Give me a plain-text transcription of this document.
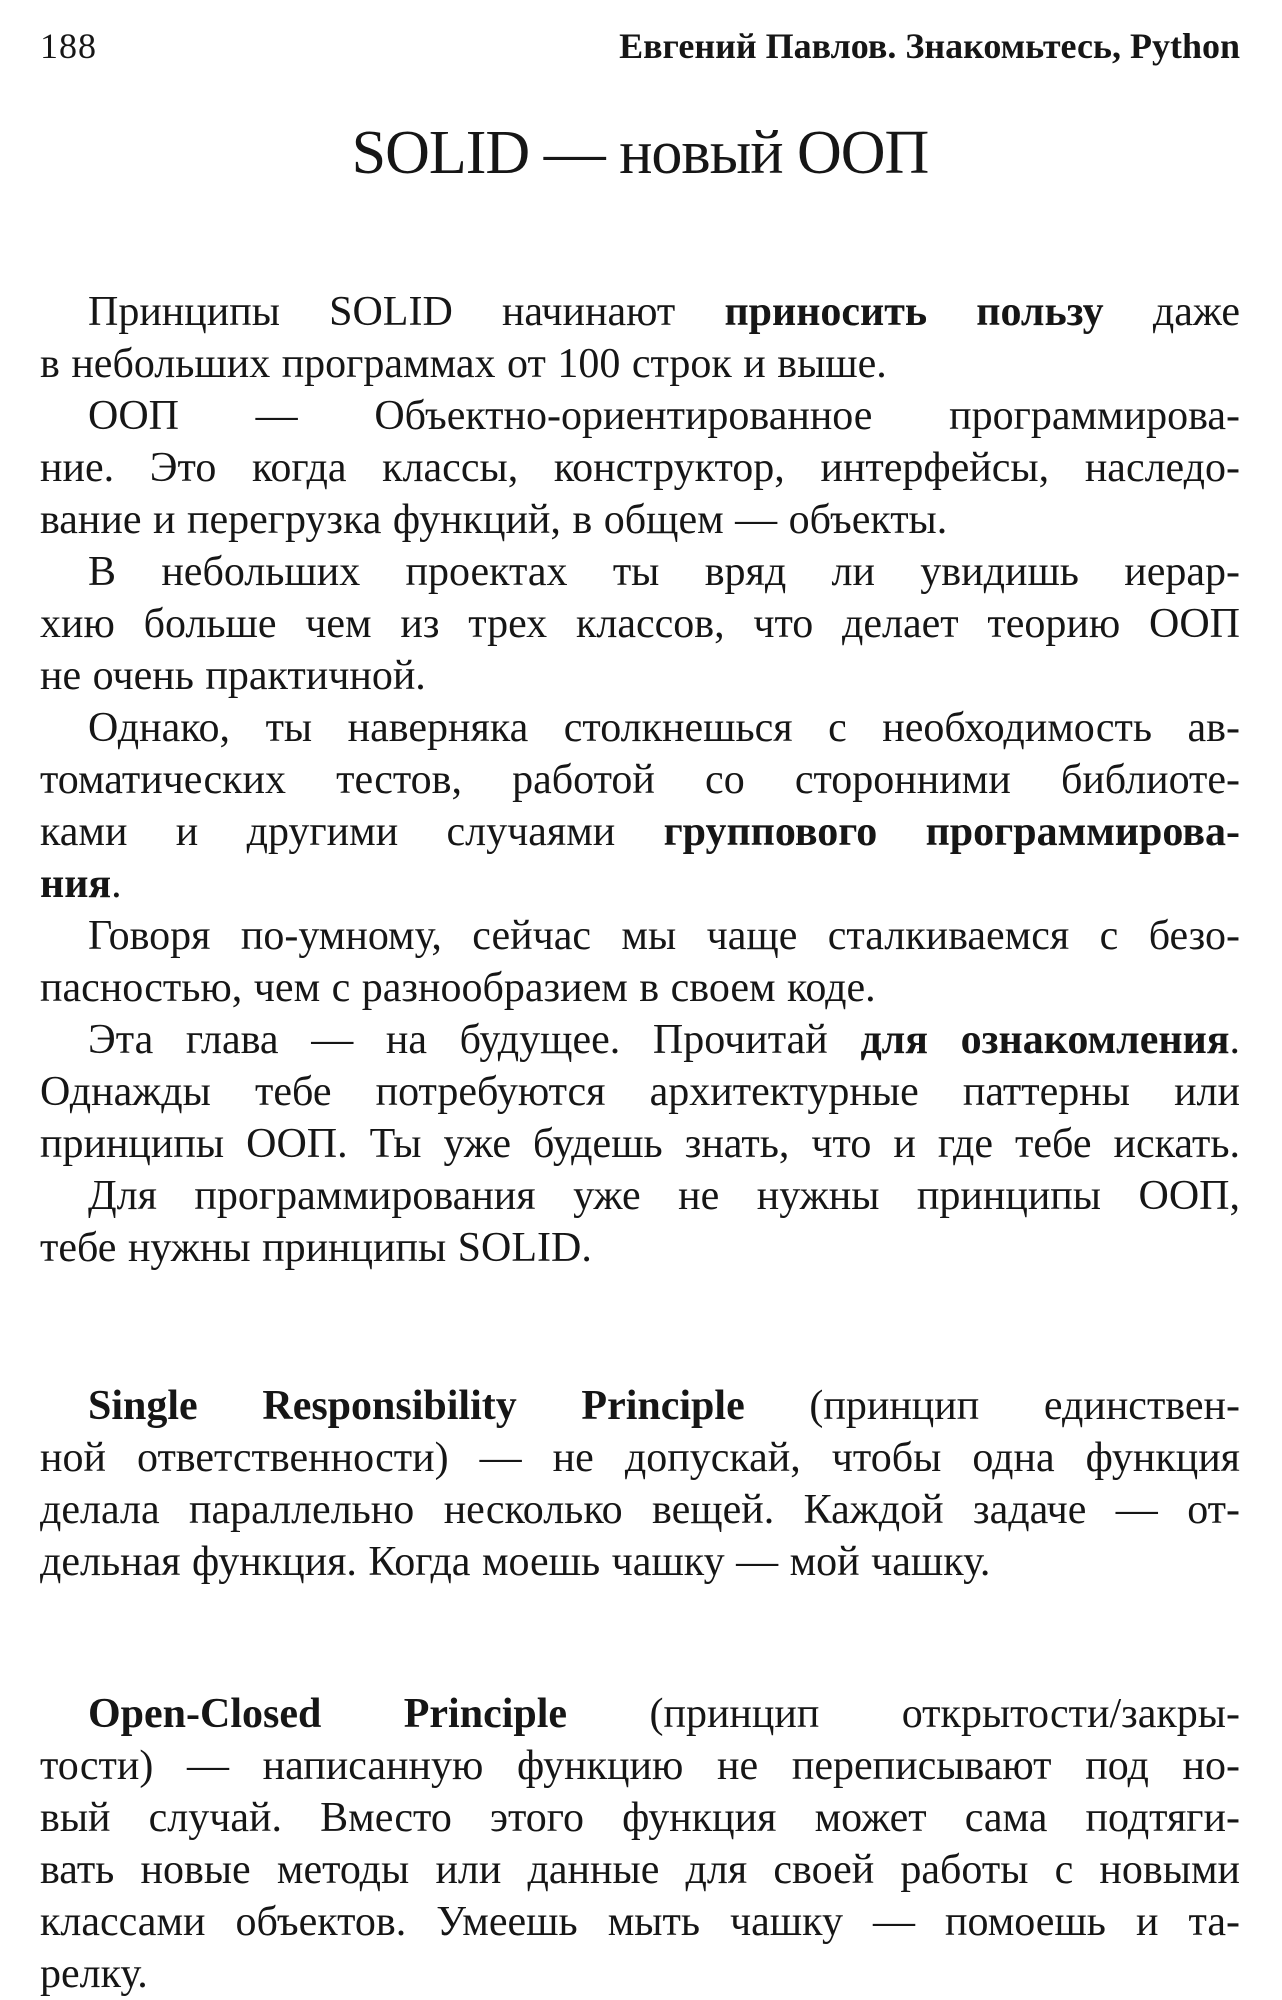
188	Евгений Павлов. Знакомьтесь, Python
SOLID — новый ООП
Принципы SOLID начинают приносить пользу даже
в небольших программах от 100 строк и выше.
ООП — Объектно-ориентированное программирова-
ние. Это когда классы, конструктор, интерфейсы, наследо-
вание и перегрузка функций, в общем — объекты.
В небольших проектах ты вряд ли увидишь иерар-
хию больше чем из трех классов, что делает теорию ООП
не очень практичной.
Однако, ты наверняка столкнешься с необходимость ав-
томатических тестов, работой со сторонними библиоте-
ками и другими случаями группового программирова-
ния.
Говоря по-умному, сейчас мы чаще сталкиваемся с безо-
пасностью, чем с разнообразием в своем коде.
Эта глава — на будущее. Прочитай для ознакомления.
Однажды тебе потребуются архитектурные паттерны или
принципы ООП. Ты уже будешь знать, что и где тебе искать.
Для программирования уже не нужны принципы ООП,
тебе нужны принципы SOLID.
Single Responsibility Principle (принцип единствен-
ной ответственности) — не допускай, чтобы одна функция
делала параллельно несколько вещей. Каждой задаче — от-
дельная функция. Когда моешь чашку — мой чашку.
Open-Closed Principle (принцип открытости/закры-
тости) — написанную функцию не переписывают под но-
вый случай. Вместо этого функция может сама подтяги-
вать новые методы или данные для своей работы с новыми
классами объектов. Умеешь мыть чашку — помоешь и та-
релку.
